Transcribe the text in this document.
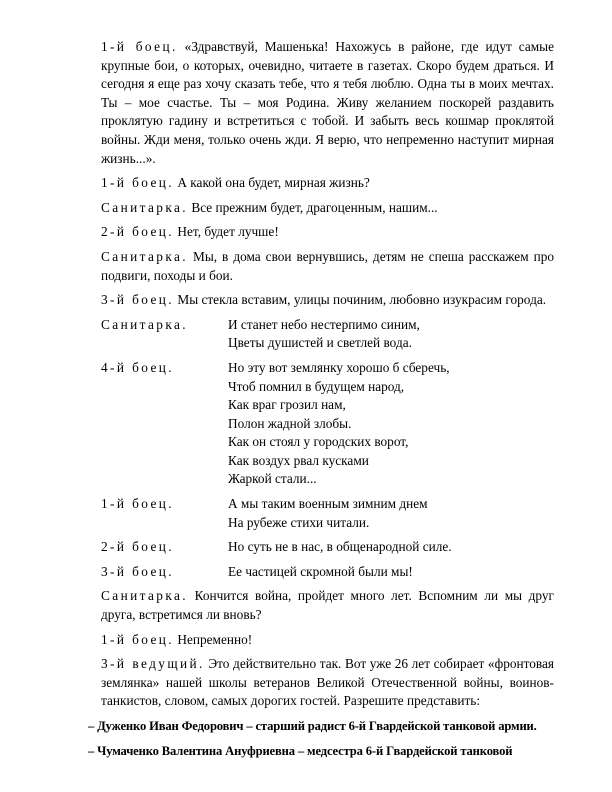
1-й боец. «Здравствуй, Машенька! Нахожусь в районе, где идут самые крупные бои, о которых, очевидно, читаете в газетах. Скоро будем драться. И сегодня я еще раз хочу сказать тебе, что я тебя люблю. Одна ты в моих мечтах. Ты – мое счастье. Ты – моя Родина. Живу желанием поскорей раздавить проклятую гадину и встретиться с тобой. И забыть весь кошмар проклятой войны. Жди меня, только очень жди. Я верю, что непременно наступит мирная жизнь...».

1-й боец. А какой она будет, мирная жизнь?

Санитарка. Все прежним будет, драгоценным, нашим...

2-й боец. Нет, будет лучше!

Санитарка. Мы, в дома свои вернувшись, детям не спеша расскажем про подвиги, походы и бои.

3-й боец. Мы стекла вставим, улицы починим, любовно изукрасим города.

Санитарка.	И станет небо нестерпимо синим,
Цветы душистей и светлей вода.
4-й боец.	Но эту вот землянку хорошо б сберечь,
Чтоб помнил в будущем народ,
Как враг грозил нам,
Полон жадной злобы.
Как он стоял у городских ворот,
Как воздух рвал кусками
Жаркой стали...
1-й боец.	А мы таким военным зимним днем
На рубеже стихи читали.
2-й боец.	Но суть не в нас, в общенародной силе.
3-й боец.	Ее частицей скромной были мы!

Санитарка. Кончится война, пройдет много лет. Вспомним ли мы друг друга, встретимся ли вновь?

1-й боец. Непременно!

3-й ведущий. Это действительно так. Вот уже 26 лет собирает «фронтовая землянка» нашей школы ветеранов Великой Отечественной войны, воинов-танкистов, словом, самых дорогих гостей. Разрешите представить:

– Дуженко Иван Федорович – старший радист 6-й Гвардейской танковой армии.
– Чумаченко Валентина Ануфриевна – медсестра 6-й Гвардейской танковой
